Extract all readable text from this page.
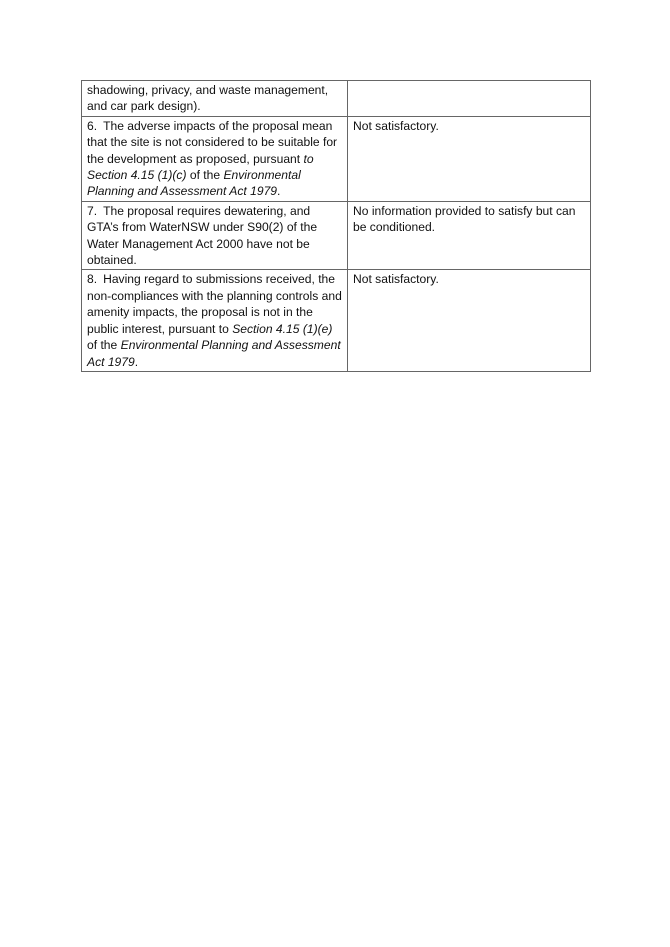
shadowing, privacy, and waste management, and car park design).	
6. The adverse impacts of the proposal mean that the site is not considered to be suitable for the development as proposed, pursuant to Section 4.15 (1)(c) of the Environmental Planning and Assessment Act 1979.	Not satisfactory.
7. The proposal requires dewatering, and GTA’s from WaterNSW under S90(2) of the Water Management Act 2000 have not be obtained.	No information provided to satisfy but can be conditioned.
8. Having regard to submissions received, the non-compliances with the planning controls and amenity impacts, the proposal is not in the public interest, pursuant to Section 4.15 (1)(e) of the Environmental Planning and Assessment Act 1979.	Not satisfactory.
